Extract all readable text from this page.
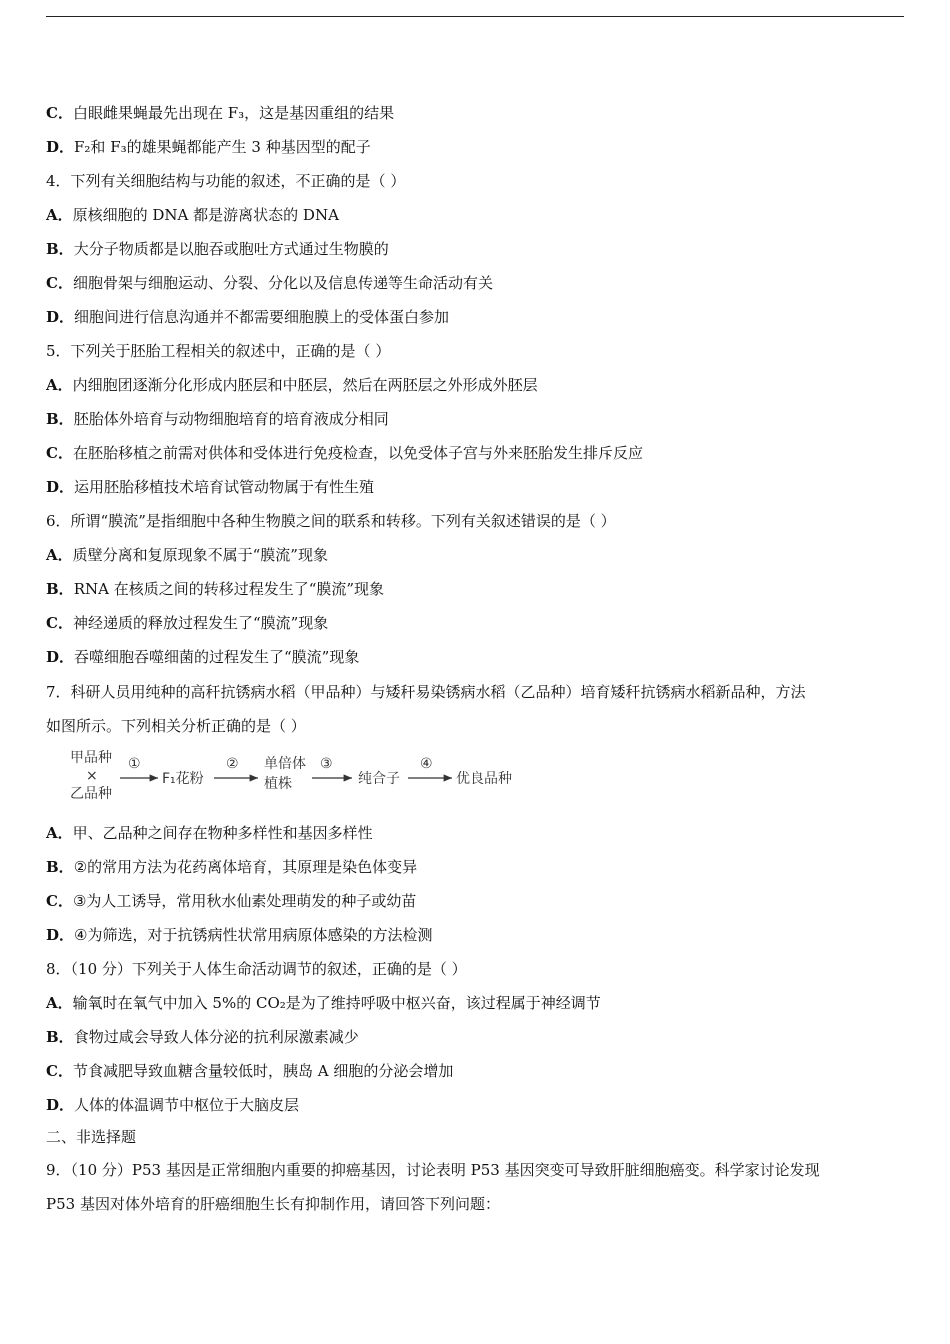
C．白眼雌果蝇最先出现在 F₃，这是基因重组的结果
D．F₂和 F₃的雄果蝇都能产生 3 种基因型的配子
4．下列有关细胞结构与功能的叙述，不正确的是（ ）
A．原核细胞的 DNA 都是游离状态的 DNA
B．大分子物质都是以胞吞或胞吐方式通过生物膜的
C．细胞骨架与细胞运动、分裂、分化以及信息传递等生命活动有关
D．细胞间进行信息沟通并不都需要细胞膜上的受体蛋白参加
5．下列关于胚胎工程相关的叙述中，正确的是（ ）
A．内细胞团逐渐分化形成内胚层和中胚层，然后在两胚层之外形成外胚层
B．胚胎体外培育与动物细胞培育的培育液成分相同
C．在胚胎移植之前需对供体和受体进行免疫检查，以免受体子宫与外来胚胎发生排斥反应
D．运用胚胎移植技术培育试管动物属于有性生殖
6．所谓“膜流”是指细胞中各种生物膜之间的联系和转移。下列有关叙述错误的是（ ）
A．质壁分离和复原现象不属于“膜流”现象
B．RNA 在核质之间的转移过程发生了“膜流”现象
C．神经递质的释放过程发生了“膜流”现象
D．吞噬细胞吞噬细菌的过程发生了“膜流”现象
7．科研人员用纯种的高秆抗锈病水稻（甲品种）与矮秆易染锈病水稻（乙品种）培育矮秆抗锈病水稻新品种，方法
如图所示。下列相关分析正确的是（ ）
甲品种
×
乙品种
①
F₁花粉
② 单倍体
植株
③
纯合子
④
优良品种
A．甲、乙品种之间存在物种多样性和基因多样性
B．②的常用方法为花药离体培育，其原理是染色体变异
C．③为人工诱导，常用秋水仙素处理萌发的种子或幼苗
D．④为筛选，对于抗锈病性状常用病原体感染的方法检测
8．（10 分）下列关于人体生命活动调节的叙述，正确的是（ ）
A．输氧时在氧气中加入 5%的 CO₂是为了维持呼吸中枢兴奋，该过程属于神经调节
B．食物过咸会导致人体分泌的抗利尿激素减少
C．节食减肥导致血糖含量较低时，胰岛 A 细胞的分泌会增加
D．人体的体温调节中枢位于大脑皮层
二、非选择题
9．（10 分）P53 基因是正常细胞内重要的抑癌基因，讨论表明 P53 基因突变可导致肝脏细胞癌变。科学家讨论发现
P53 基因对体外培育的肝癌细胞生长有抑制作用，请回答下列问题：
